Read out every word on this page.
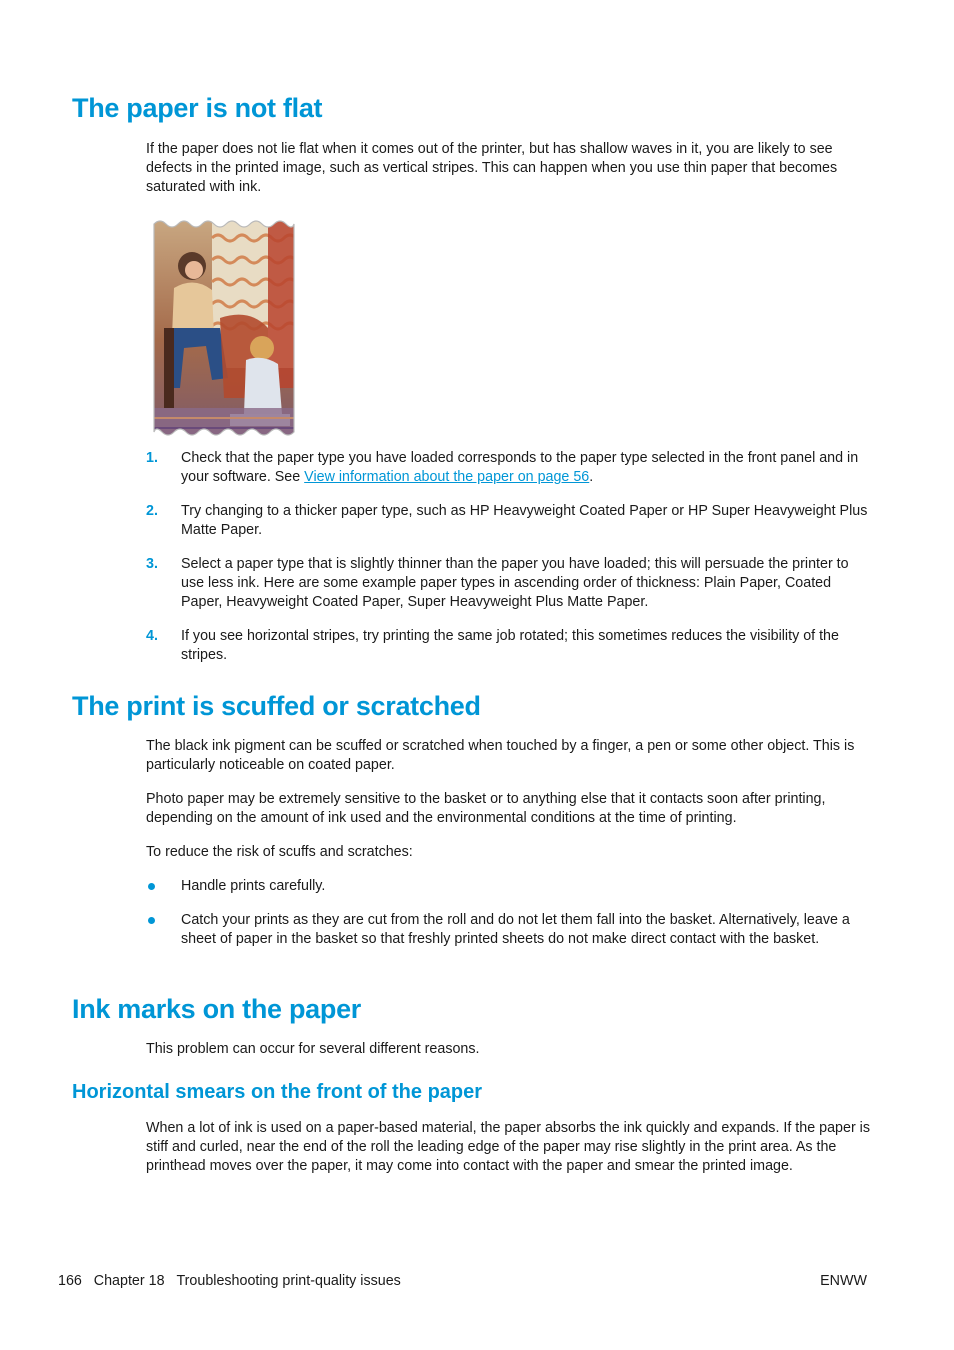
The paper is not flat

If the paper does not lie flat when it comes out of the printer, but has shallow waves in it, you are likely to see defects in the printed image, such as vertical stripes. This can happen when you use thin paper that becomes saturated with ink.

1.	Check that the paper type you have loaded corresponds to the paper type selected in the front panel and in your software. See View information about the paper on page 56.
2.	Try changing to a thicker paper type, such as HP Heavyweight Coated Paper or HP Super Heavyweight Plus Matte Paper.
3.	Select a paper type that is slightly thinner than the paper you have loaded; this will persuade the printer to use less ink. Here are some example paper types in ascending order of thickness: Plain Paper, Coated Paper, Heavyweight Coated Paper, Super Heavyweight Plus Matte Paper.
4.	If you see horizontal stripes, try printing the same job rotated; this sometimes reduces the visibility of the stripes.
The print is scuffed or scratched

The black ink pigment can be scuffed or scratched when touched by a finger, a pen or some other object. This is particularly noticeable on coated paper.

Photo paper may be extremely sensitive to the basket or to anything else that it contacts soon after printing, depending on the amount of ink used and the environmental conditions at the time of printing.

To reduce the risk of scuffs and scratches:

Handle prints carefully.
Catch your prints as they are cut from the roll and do not let them fall into the basket. Alternatively, leave a sheet of paper in the basket so that freshly printed sheets do not make direct contact with the basket.
Ink marks on the paper

This problem can occur for several different reasons.

Horizontal smears on the front of the paper

When a lot of ink is used on a paper-based material, the paper absorbs the ink quickly and expands. If the paper is stiff and curled, near the end of the roll the leading edge of the paper may rise slightly in the print area. As the printhead moves over the paper, it may come into contact with the paper and smear the printed image.

166 Chapter 18 Troubleshooting print-quality issues	ENWW
